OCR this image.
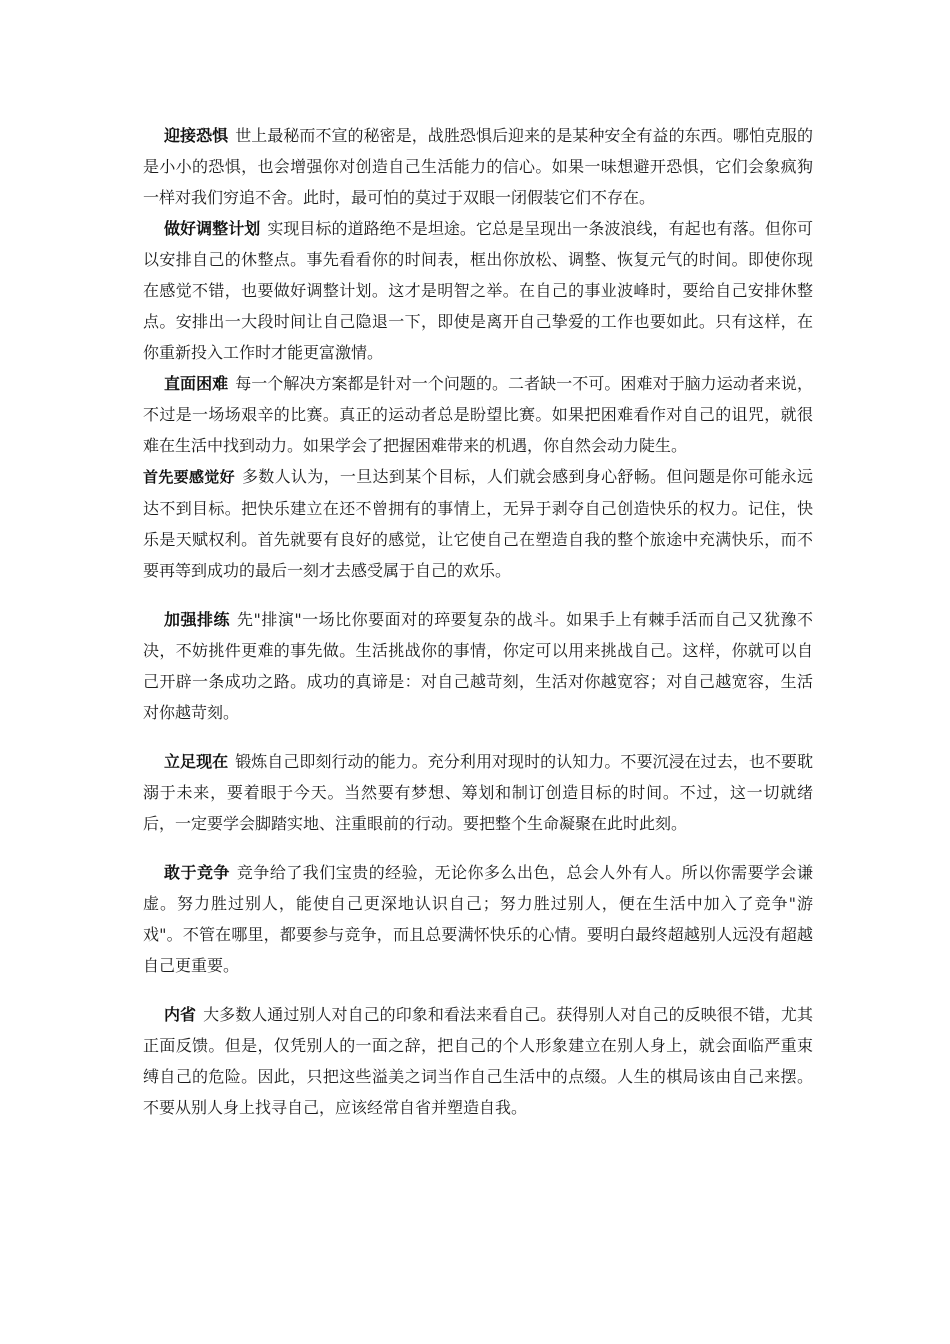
迎接恐惧 世上最秘而不宣的秘密是，战胜恐惧后迎来的是某种安全有益的东西。哪怕克服的是小小的恐惧，也会增强你对创造自己生活能力的信心。如果一味想避开恐惧，它们会象疯狗一样对我们穷追不舍。此时，最可怕的莫过于双眼一闭假装它们不存在。

做好调整计划 实现目标的道路绝不是坦途。它总是呈现出一条波浪线，有起也有落。但你可以安排自己的休整点。事先看看你的时间表，框出你放松、调整、恢复元气的时间。即使你现在感觉不错，也要做好调整计划。这才是明智之举。在自己的事业波峰时，要给自己安排休整点。安排出一大段时间让自己隐退一下，即使是离开自己挚爱的工作也要如此。只有这样，在你重新投入工作时才能更富激情。

直面困难 每一个解决方案都是针对一个问题的。二者缺一不可。困难对于脑力运动者来说，不过是一场场艰辛的比赛。真正的运动者总是盼望比赛。如果把困难看作对自己的诅咒，就很难在生活中找到动力。如果学会了把握困难带来的机遇，你自然会动力陡生。

首先要感觉好 多数人认为，一旦达到某个目标，人们就会感到身心舒畅。但问题是你可能永远达不到目标。把快乐建立在还不曾拥有的事情上，无异于剥夺自己创造快乐的权力。记住，快乐是天赋权利。首先就要有良好的感觉，让它使自己在塑造自我的整个旅途中充满快乐，而不要再等到成功的最后一刻才去感受属于自己的欢乐。

加强排练 先"排演"一场比你要面对的琗要复杂的战斗。如果手上有棘手活而自己又犹豫不决，不妨挑件更难的事先做。生活挑战你的事情，你定可以用来挑战自己。这样，你就可以自己开辟一条成功之路。成功的真谛是：对自己越苛刻，生活对你越宽容；对自己越宽容，生活对你越苛刻。

立足现在 锻炼自己即刻行动的能力。充分利用对现时的认知力。不要沉浸在过去，也不要耽溺于未来，要着眼于今天。当然要有梦想、筹划和制订创造目标的时间。不过，这一切就绪后，一定要学会脚踏实地、注重眼前的行动。要把整个生命凝聚在此时此刻。

敢于竞争 竞争给了我们宝贵的经验，无论你多么出色，总会人外有人。所以你需要学会谦虚。努力胜过别人，能使自己更深地认识自己；努力胜过别人，便在生活中加入了竞争"游戏"。不管在哪里，都要参与竞争，而且总要满怀快乐的心情。要明白最终超越别人远没有超越自己更重要。

内省 大多数人通过别人对自己的印象和看法来看自己。获得别人对自己的反映很不错，尤其正面反馈。但是，仅凭别人的一面之辞，把自己的个人形象建立在别人身上，就会面临严重束缚自己的危险。因此，只把这些溢美之词当作自己生活中的点缀。人生的棋局该由自己来摆。不要从别人身上找寻自己，应该经常自省并塑造自我。
